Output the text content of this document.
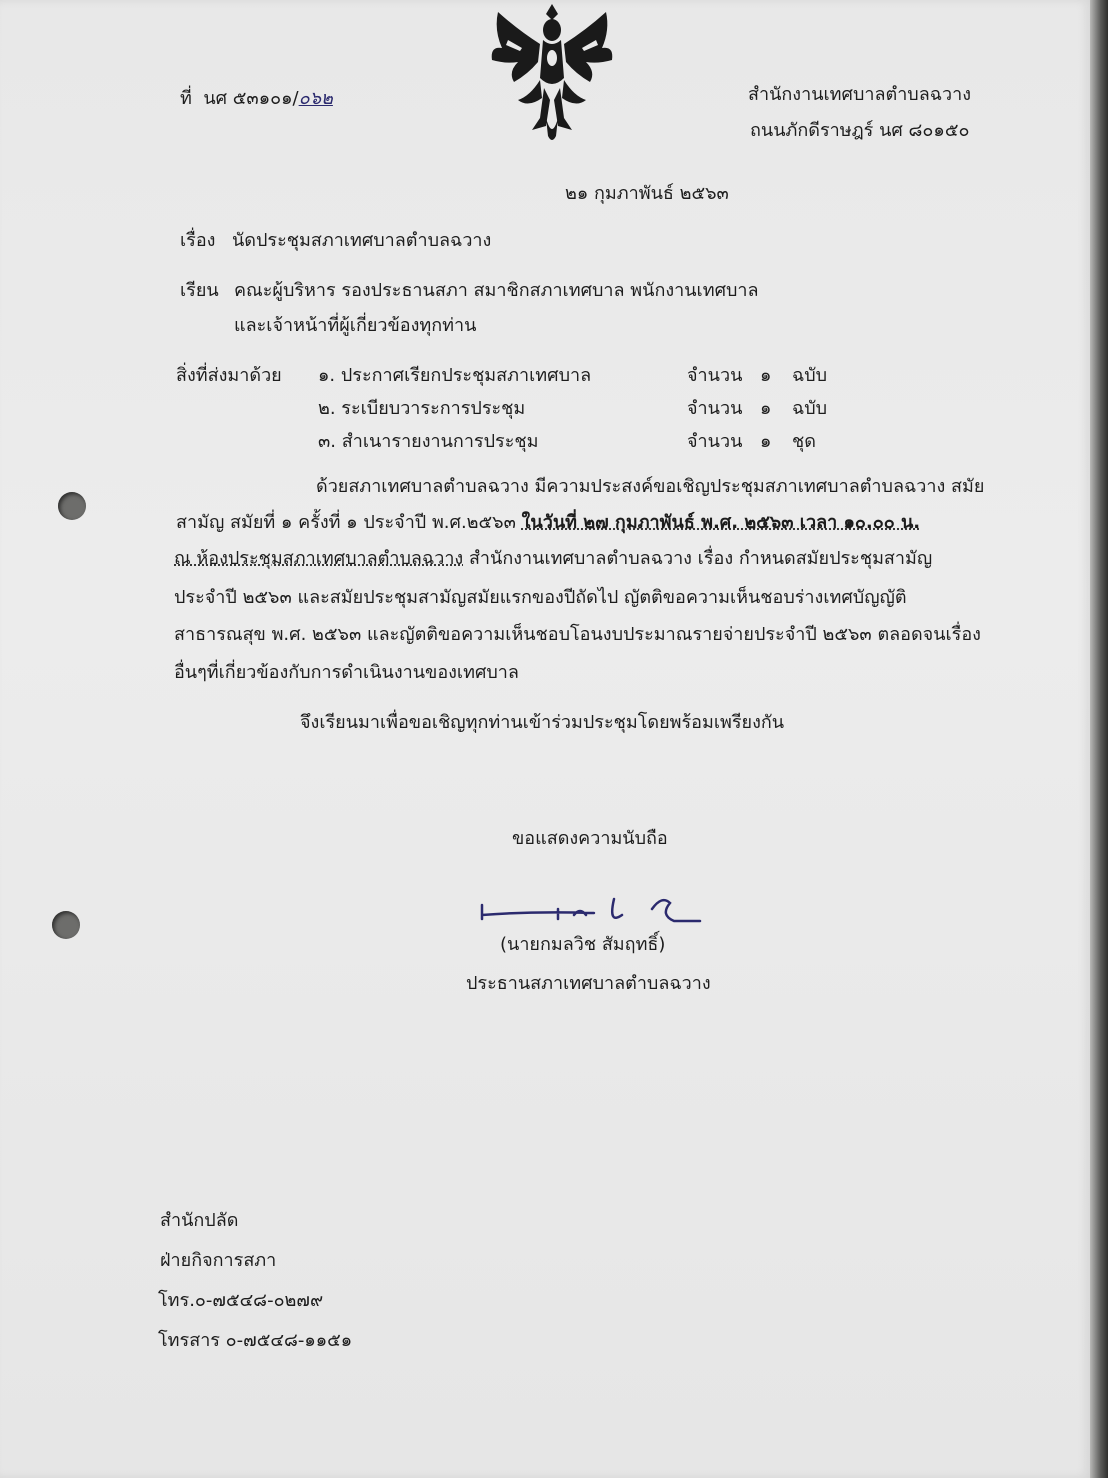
ที่ นศ ๕๓๑๐๑/๐๖๒	สำนักงานเทศบาลตำบลฉวาง
ถนนภักดีราษฎร์ นศ ๘๐๑๕๐
๒๑ กุมภาพันธ์ ๒๕๖๓
เรื่อง นัดประชุมสภาเทศบาลตำบลฉวาง
เรียน คณะผู้บริหาร รองประธานสภา สมาชิกสภาเทศบาล พนักงานเทศบาล
และเจ้าหน้าที่ผู้เกี่ยวข้องทุกท่าน
สิ่งที่ส่งมาด้วย ๑. ประกาศเรียกประชุมสภาเทศบาล	จำนวน ๑ ฉบับ
๒. ระเบียบวาระการประชุม	จำนวน ๑ ฉบับ
๓. สำเนารายงานการประชุม	จำนวน ๑ ชุด
ด้วยสภาเทศบาลตำบลฉวาง มีความประสงค์ขอเชิญประชุมสภาเทศบาลตำบลฉวาง สมัย
สามัญ สมัยที่ ๑ ครั้งที่ ๑ ประจำปี พ.ศ.๒๕๖๓ ในวันที่ ๒๗ กุมภาพันธ์ พ.ศ. ๒๕๖๓ เวลา ๑๐.๐๐ น.
ณ ห้องประชุมสภาเทศบาลตำบลฉวาง สำนักงานเทศบาลตำบลฉวาง เรื่อง กำหนดสมัยประชุมสามัญ
ประจำปี ๒๕๖๓ และสมัยประชุมสามัญสมัยแรกของปีถัดไป ญัตติขอความเห็นชอบร่างเทศบัญญัติ
สาธารณสุข พ.ศ. ๒๕๖๓ และญัตติขอความเห็นชอบโอนงบประมาณรายจ่ายประจำปี ๒๕๖๓ ตลอดจนเรื่อง
อื่นๆที่เกี่ยวข้องกับการดำเนินงานของเทศบาล
จึงเรียนมาเพื่อขอเชิญทุกท่านเข้าร่วมประชุมโดยพร้อมเพรียงกัน
ขอแสดงความนับถือ
(นายกมลวิช สัมฤทธิ์)
ประธานสภาเทศบาลตำบลฉวาง
สำนักปลัด
ฝ่ายกิจการสภา
โทร.๐-๗๕๔๘-๐๒๗๙
โทรสาร ๐-๗๕๔๘-๑๑๕๑
